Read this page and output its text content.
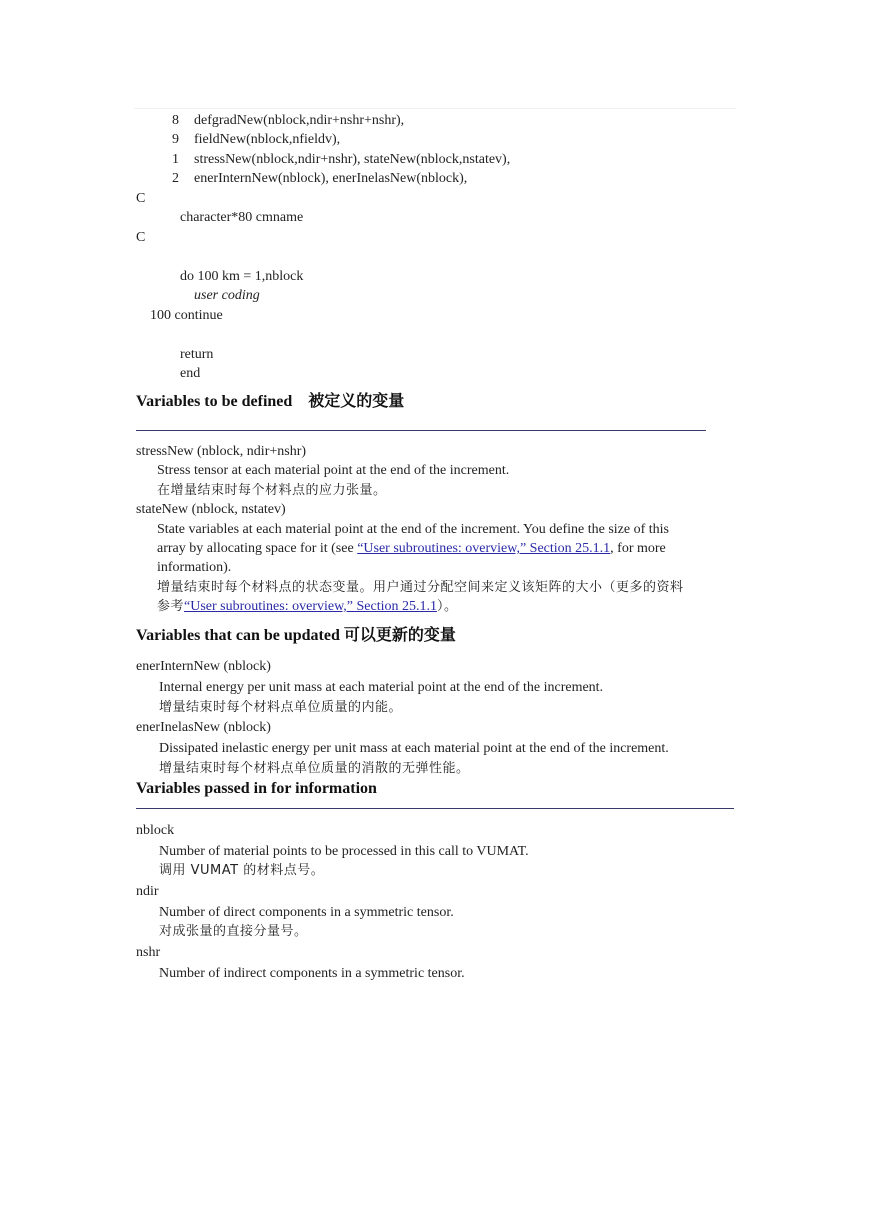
8 defgradNew(nblock,ndir+nshr+nshr),
9 fieldNew(nblock,nfieldv),
1 stressNew(nblock,ndir+nshr), stateNew(nblock,nstatev),
2 enerInternNew(nblock), enerInelasNew(nblock),
C
character*80 cmname
C
do 100 km = 1,nblock
user coding
100 continue
return
end
Variables to be defined　被定义的变量
stressNew (nblock, ndir+nshr)
Stress tensor at each material point at the end of the increment.
在增量结束时每个材料点的应力张量。
stateNew (nblock, nstatev)
State variables at each material point at the end of the increment. You define the size of this
array by allocating space for it (see “User subroutines: overview,” Section 25.1.1, for more
information).
增量结束时每个材料点的状态变量。用户通过分配空间来定义该矩阵的大小（更多的资料
参考“User subroutines: overview,” Section 25.1.1）。
Variables that can be updated 可以更新的变量
enerInternNew (nblock)
Internal energy per unit mass at each material point at the end of the increment.
增量结束时每个材料点单位质量的内能。
enerInelasNew (nblock)
Dissipated inelastic energy per unit mass at each material point at the end of the increment.
增量结束时每个材料点单位质量的消散的无弹性能。
Variables passed in for information
nblock
Number of material points to be processed in this call to VUMAT.
调用 VUMAT 的材料点号。
ndir
Number of direct components in a symmetric tensor.
对成张量的直接分量号。
nshr
Number of indirect components in a symmetric tensor.
